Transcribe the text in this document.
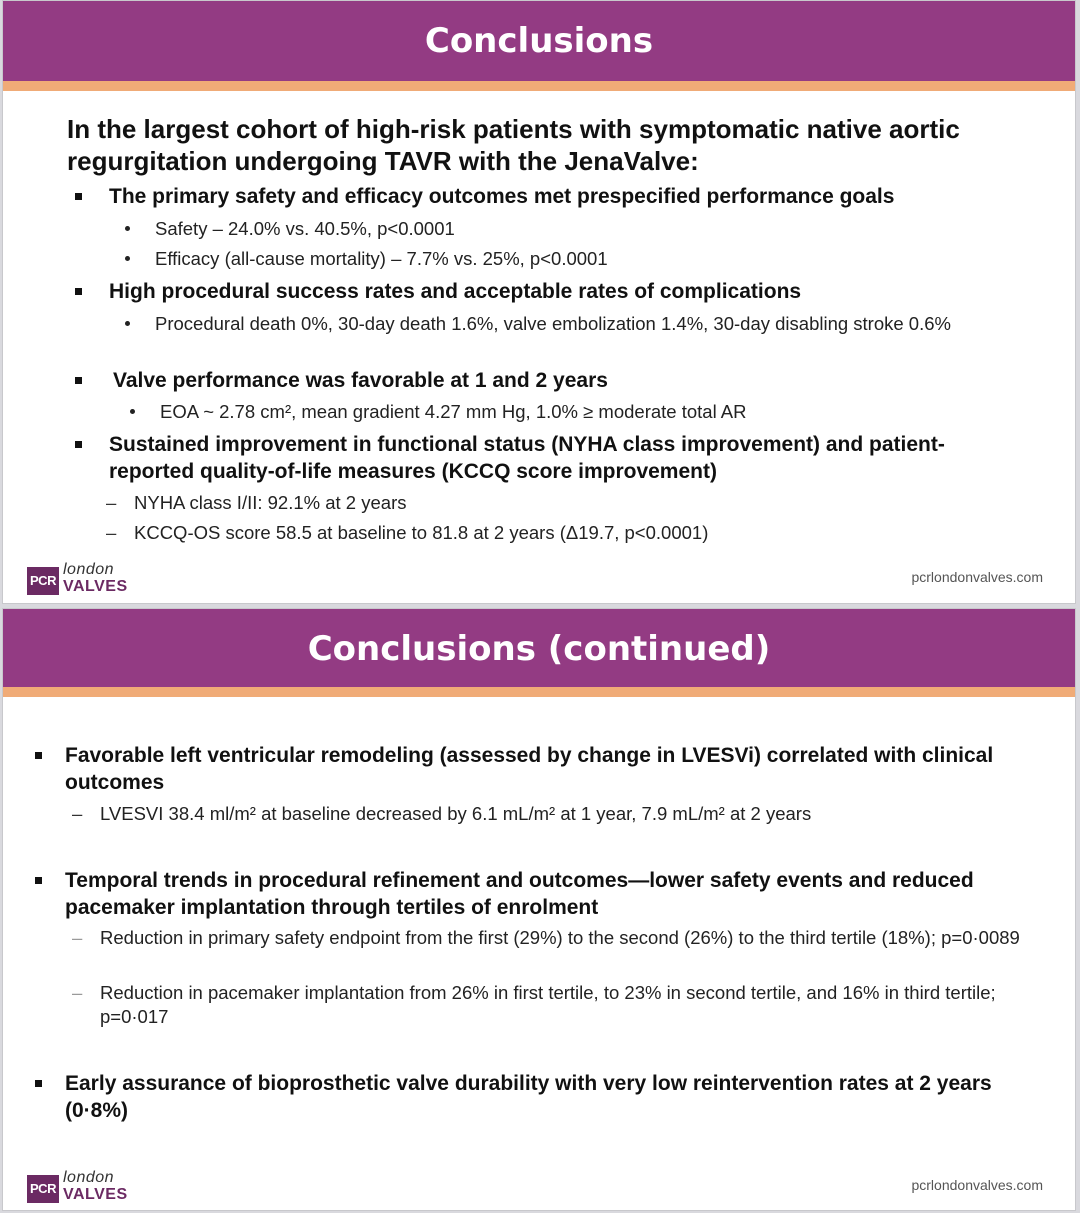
Conclusions
In the largest cohort of high-risk patients with symptomatic native aortic regurgitation undergoing TAVR with the JenaValve:
The primary safety and efficacy outcomes met prespecified performance goals
Safety – 24.0% vs. 40.5%, p<0.0001
Efficacy (all-cause mortality) – 7.7% vs. 25%, p<0.0001
High procedural success rates and acceptable rates of complications
Procedural death 0%, 30-day death 1.6%, valve embolization 1.4%, 30-day disabling stroke 0.6%
Valve performance was favorable at 1 and 2 years
EOA ~ 2.78 cm², mean gradient 4.27 mm Hg, 1.0% ≥ moderate total AR
Sustained improvement in functional status (NYHA class improvement) and patient-reported quality-of-life measures (KCCQ score improvement)
– NYHA class I/II: 92.1% at 2 years
– KCCQ-OS score 58.5 at baseline to 81.8 at 2 years (Δ19.7, p<0.0001)
PCR
london
VALVES
pcrlondonvalves.com
Conclusions (continued)
Favorable left ventricular remodeling (assessed by change in LVESVi) correlated with clinical outcomes
– LVESVI 38.4 ml/m² at baseline decreased by 6.1 mL/m² at 1 year, 7.9 mL/m² at 2 years
Temporal trends in procedural refinement and outcomes—lower safety events and reduced pacemaker implantation through tertiles of enrolment
– Reduction in primary safety endpoint from the first (29%) to the second (26%) to the third tertile (18%); p=0·0089
– Reduction in pacemaker implantation from 26% in first tertile, to 23% in second tertile, and 16% in third tertile; p=0·017
Early assurance of bioprosthetic valve durability with very low reintervention rates at 2 years (0·8%)
PCR
london
VALVES
pcrlondonvalves.com
